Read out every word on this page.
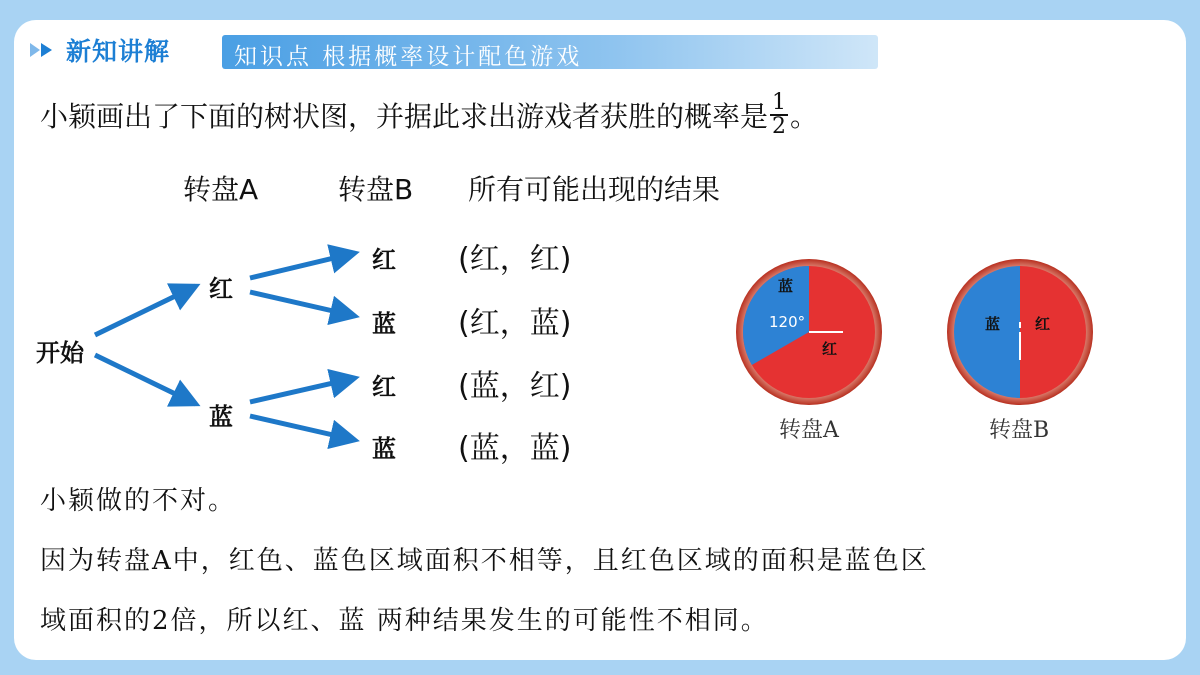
新知讲解	知识点 根据概率设计配色游戏
小颖画出了下面的树状图，并据此求出游戏者获胜的概率是 $\frac{1}{2}$ 。
转盘A	转盘B 所有可能出现的结果
开始
红
蓝
红
蓝
红
蓝
(红，红)
(红，蓝)
(蓝，红)
(蓝，蓝)
蓝
120°
红
转盘A
蓝 红
转盘B
小颖做的不对。
因为转盘A中，红色、蓝色区域面积不相等，且红色区域的面积是蓝色区
域面积的2倍，所以红、蓝 两种结果发生的可能性不相同。
